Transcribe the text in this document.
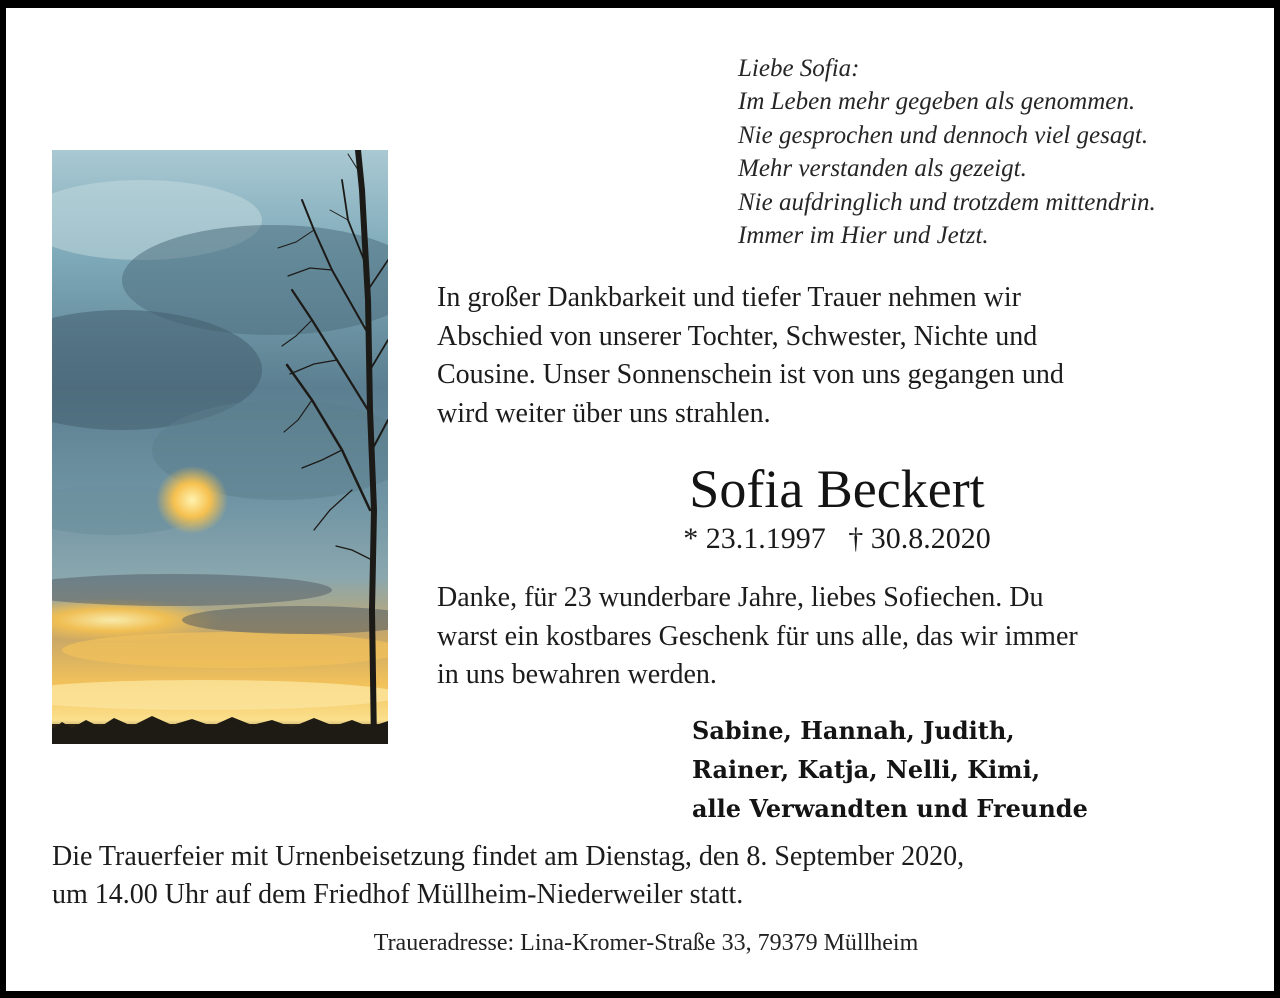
Liebe Sofia:
Im Leben mehr gegeben als genommen.
Nie gesprochen und dennoch viel gesagt.
Mehr verstanden als gezeigt.
Nie aufdringlich und trotzdem mittendrin.
Immer im Hier und Jetzt.

In großer Dankbarkeit und tiefer Trauer nehmen wir
Abschied von unserer Tochter, Schwester, Nichte und
Cousine. Unser Sonnenschein ist von uns gegangen und
wird weiter über uns strahlen.

Sofia Beckert
* 23.1.1997 † 30.8.2020

Danke, für 23 wunderbare Jahre, liebes Sofiechen. Du
warst ein kostbares Geschenk für uns alle, das wir immer
in uns bewahren werden.

Sabine, Hannah, Judith,
Rainer, Katja, Nelli, Kimi,
alle Verwandten und Freunde

Die Trauerfeier mit Urnenbeisetzung findet am Dienstag, den 8. September 2020,
um 14.00 Uhr auf dem Friedhof Müllheim-Niederweiler statt.

Traueradresse: Lina-Kromer-Straße 33, 79379 Müllheim
